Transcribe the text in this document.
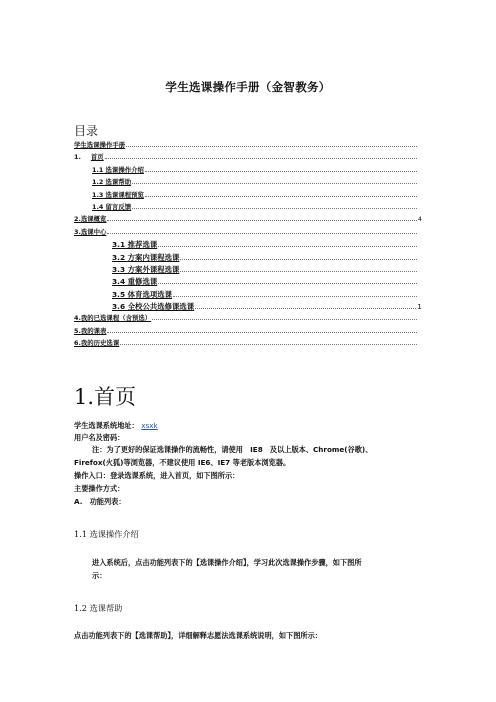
学生选课操作手册（金智教务）
目录
学生选课操作手册
1. 首页
1.1 选课操作介绍
1.2 选课帮助
1.3 选课课程预览
1.4 留言反馈
2.选课概览	4
3.选课中心
3.1 推荐选课
3.2 方案内课程选课
3.3 方案外课程选课
3.4 重修选课
3.5 体育选项选课
3.6 全校公共选修课选课	1
4.我的已选课程（含预选）
5.我的课表
6.我的历史选课
1.首页
学生选课系统地址： xsxk
用户名及密码：
注：为了更好的保证选课操作的流畅性，请使用　IE8　及以上版本、Chrome(谷歌)、
Firefox(火狐)等浏览器，不建议使用 IE6、IE7 等老版本浏览器。
操作入口：登录选课系统，进入首页，如下图所示：
主要操作方式：
A.　功能列表：
1.1 选课操作介绍
进入系统后，点击功能列表下的【选课操作介绍】，学习此次选课操作步骤，如下图所
示：
1.2 选课帮助
点击功能列表下的【选课帮助】，详细解释志愿法选课系统说明，如下图所示：
